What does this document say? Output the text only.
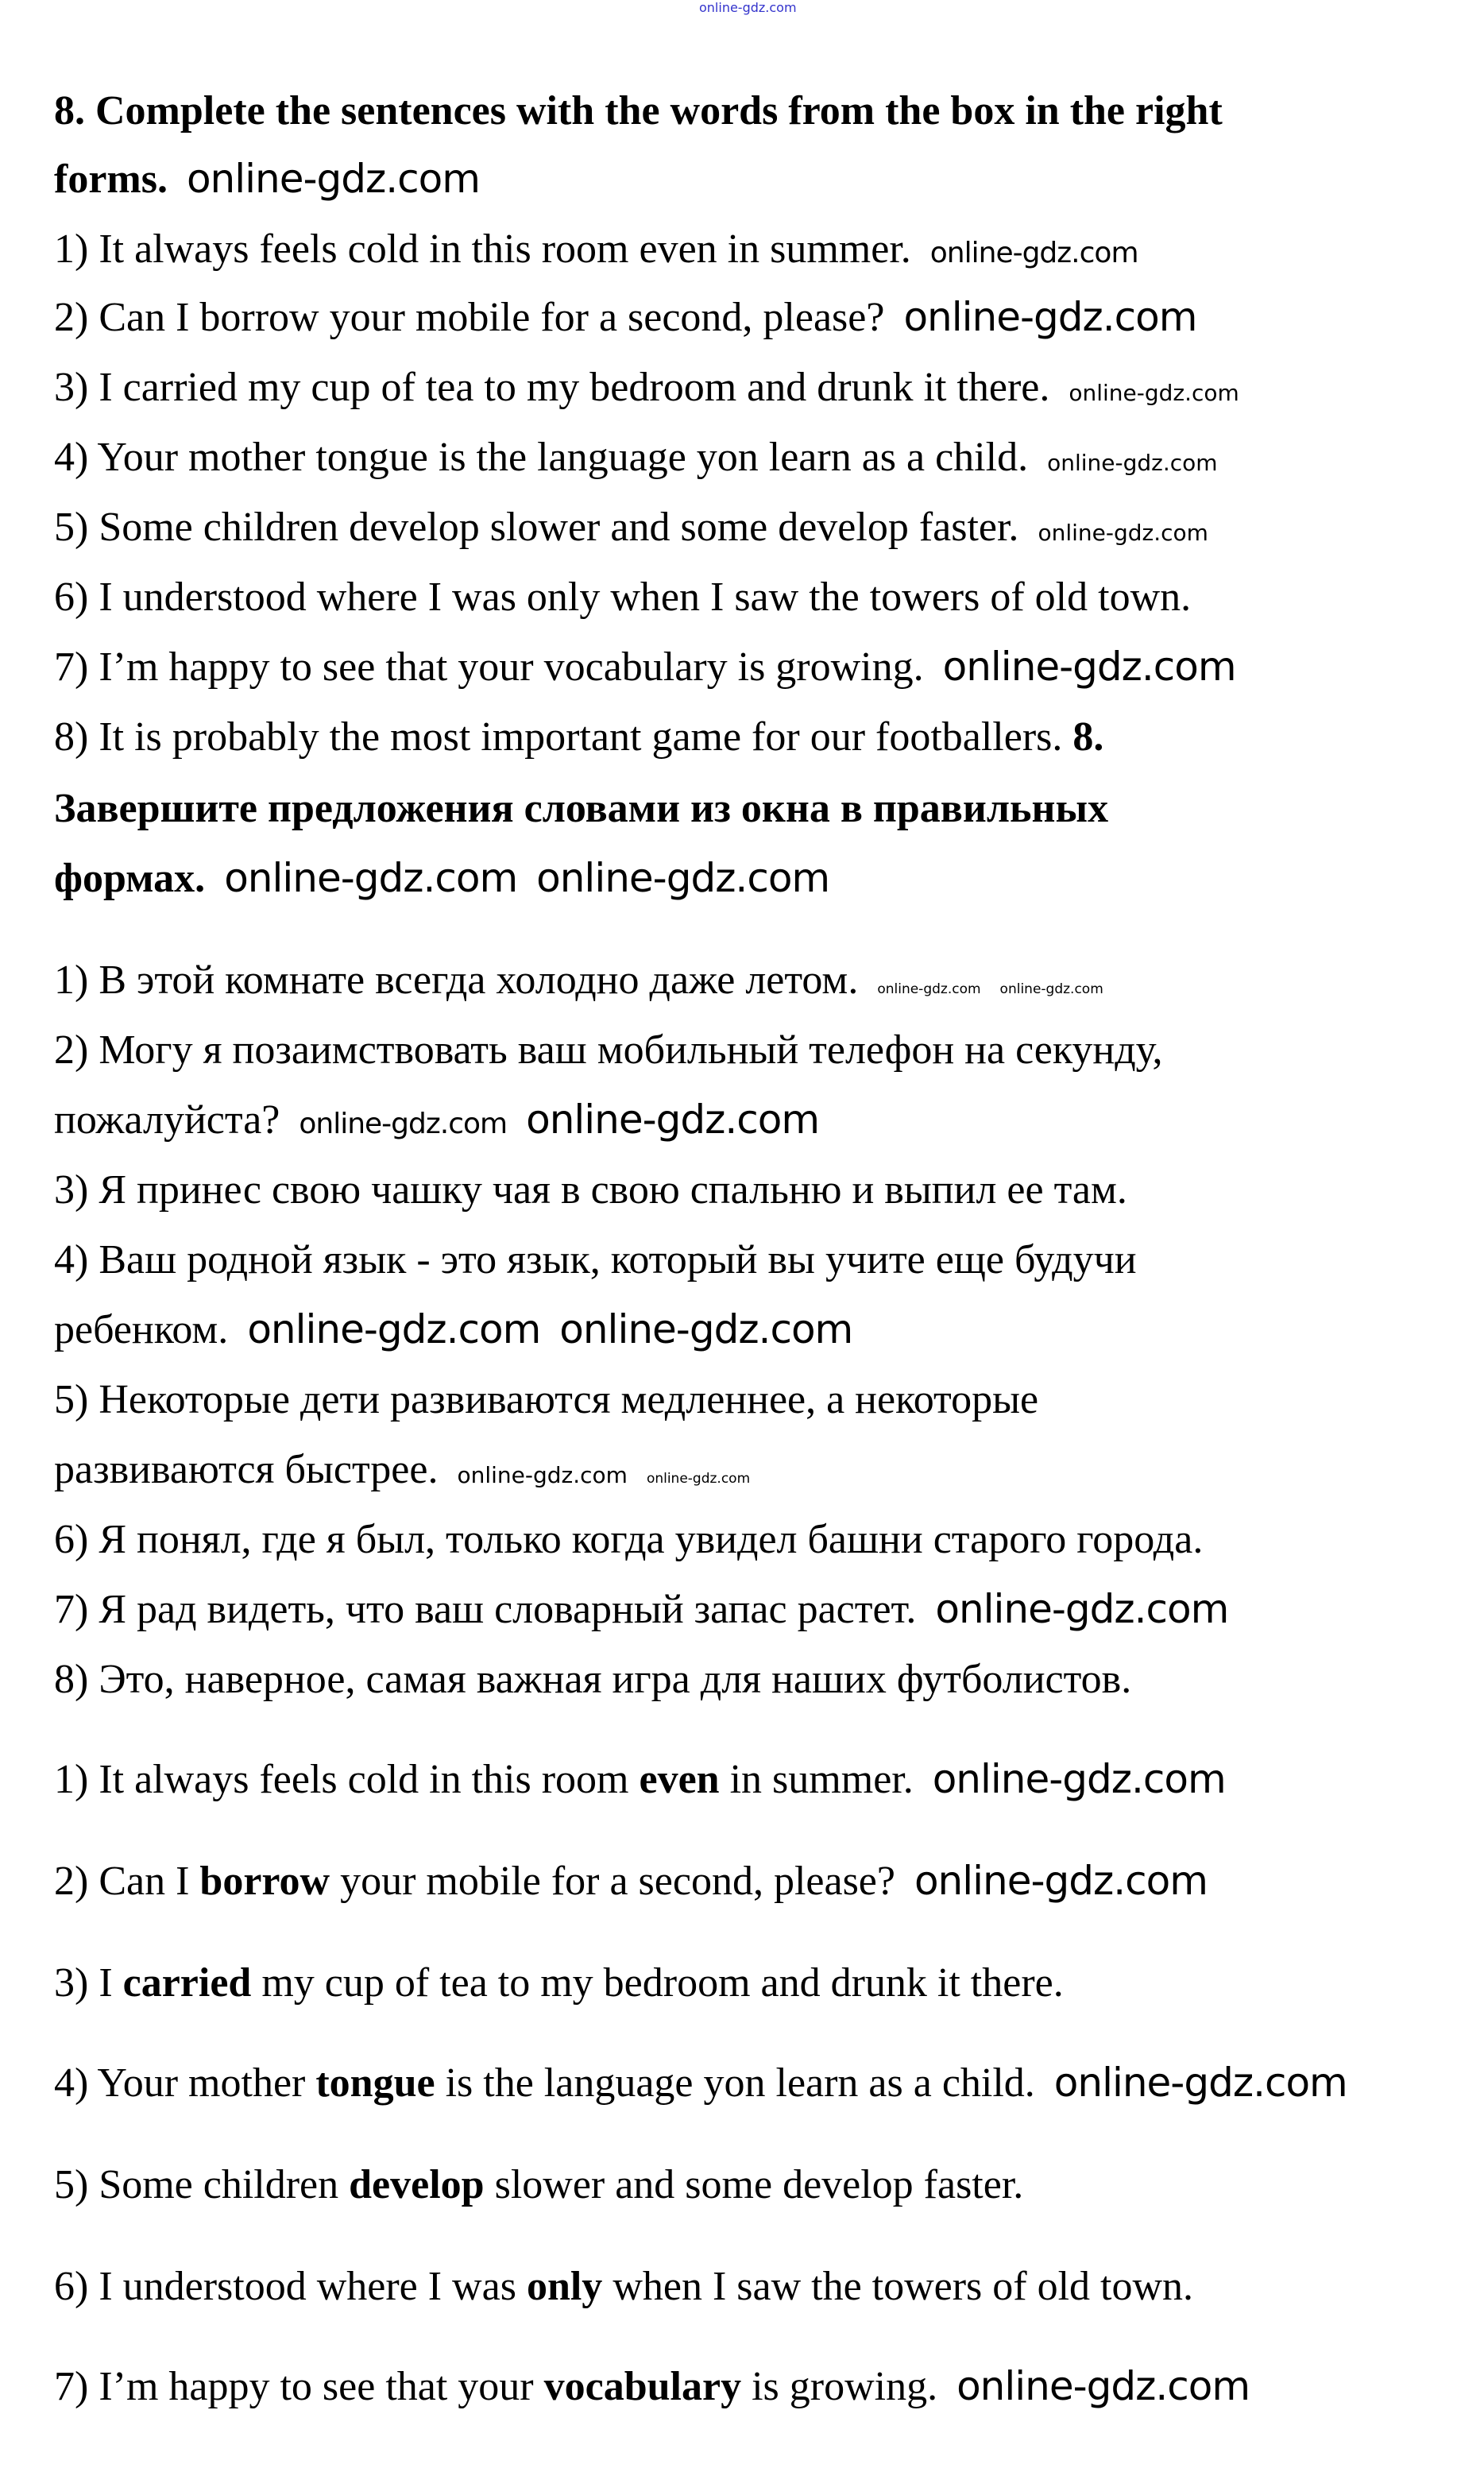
online-gdz.com
8. Complete the sentences with the words from the box in the right
forms. online-gdz.com
1) It always feels cold in this room even in summer. online-gdz.com
2) Can I borrow your mobile for a second, please? online-gdz.com
3) I carried my cup of tea to my bedroom and drunk it there. online-gdz.com
4) Your mother tongue is the language yon learn as a child. online-gdz.com
5) Some children develop slower and some develop faster. online-gdz.com
6) I understood where I was only when I saw the towers of old town.
7) I’m happy to see that your vocabulary is growing. online-gdz.com
8) It is probably the most important game for our footballers. 8.
Завершите предложения словами из окна в правильных
формах. online-gdz.com online-gdz.com
1) В этой комнате всегда холодно даже летом. online-gdz.com online-gdz.com
2) Могу я позаимствовать ваш мобильный телефон на секунду,
пожалуйста? online-gdz.com online-gdz.com
3) Я принес свою чашку чая в свою спальню и выпил ее там.
4) Ваш родной язык - это язык, который вы учите еще будучи
ребенком. online-gdz.com online-gdz.com
5) Некоторые дети развиваются медленнее, а некоторые
развиваются быстрее. online-gdz.com online-gdz.com
6) Я понял, где я был, только когда увидел башни старого города.
7) Я рад видеть, что ваш словарный запас растет. online-gdz.com
8) Это, наверное, самая важная игра для наших футболистов.
1) It always feels cold in this room even in summer. online-gdz.com
2) Can I borrow your mobile for a second, please? online-gdz.com
3) I carried my cup of tea to my bedroom and drunk it there.
4) Your mother tongue is the language yon learn as a child. online-gdz.com
5) Some children develop slower and some develop faster.
6) I understood where I was only when I saw the towers of old town.
7) I’m happy to see that your vocabulary is growing. online-gdz.com
